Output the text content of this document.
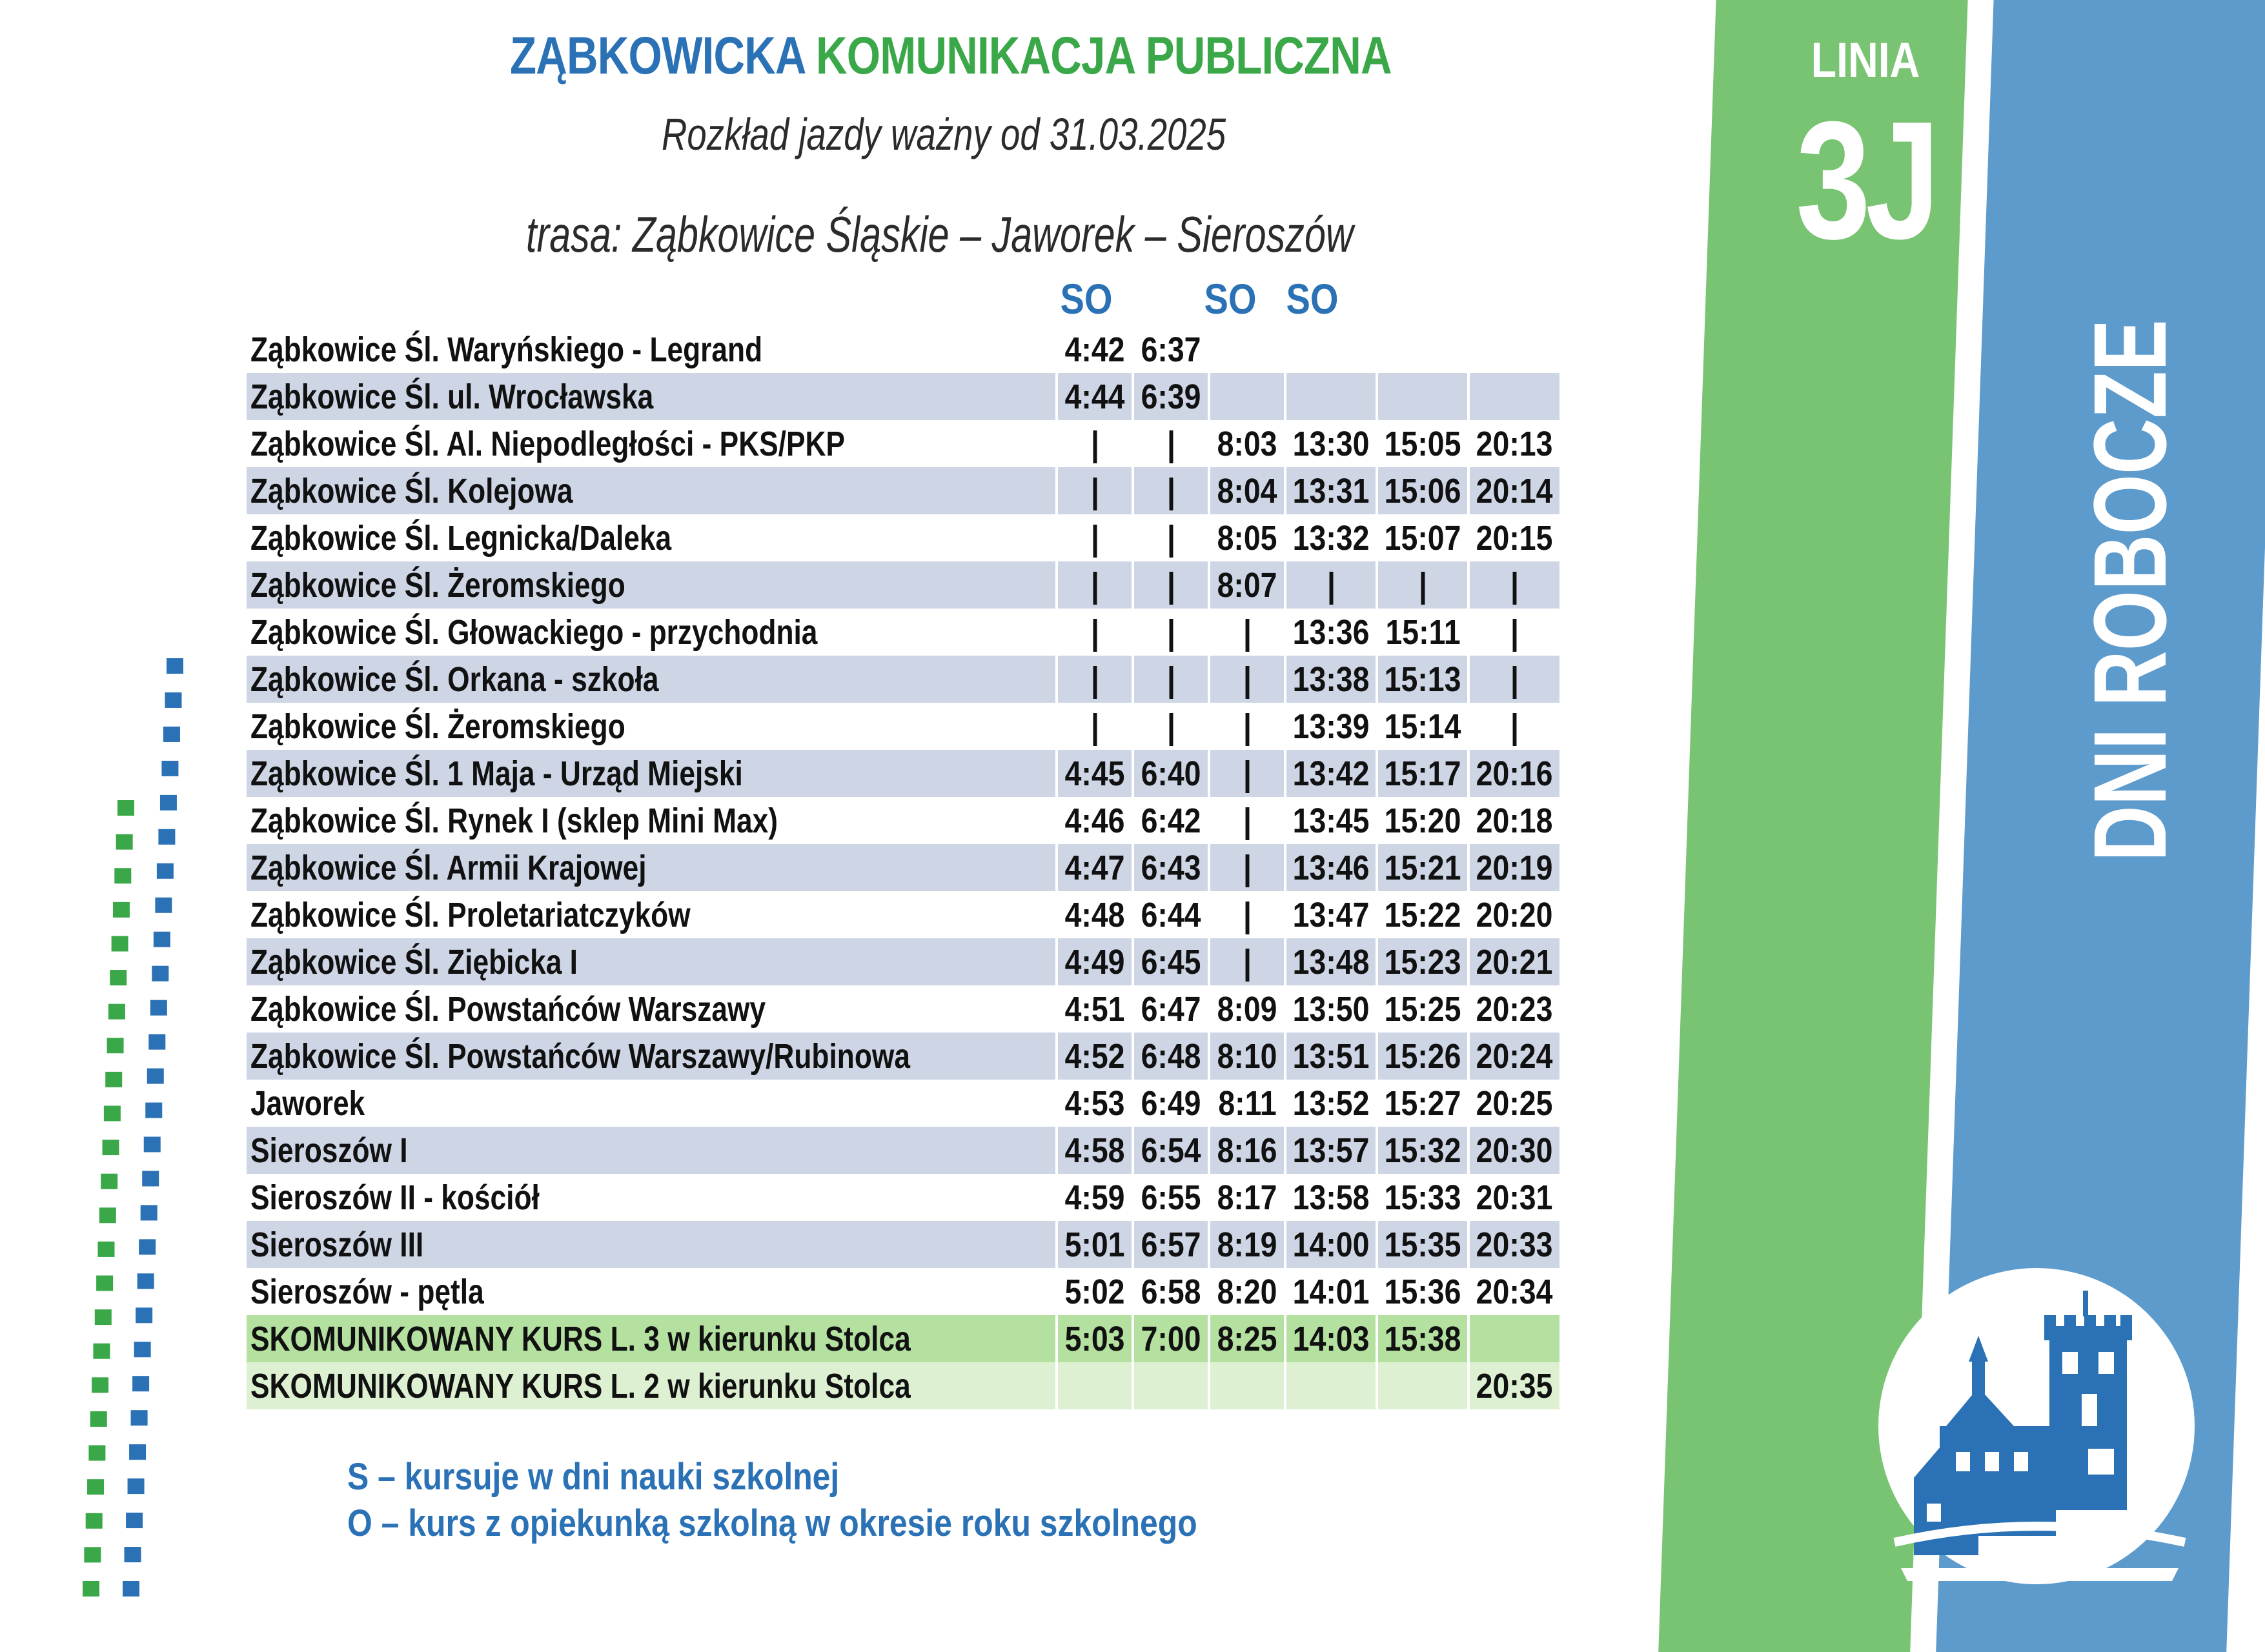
LINIA
3J
DNI ROBOCZE
ZĄBKOWICKA KOMUNIKACJA PUBLICZNA
Rozkład jazdy ważny od 31.03.2025
trasa: Ząbkowice Śląskie – Jaworek – Sieroszów
SO SO SO
Ząbkowice Śl. Waryńskiego - Legrand	4:42	6:37				
Ząbkowice Śl. ul. Wrocławska	4:44	6:39				
Ząbkowice Śl. Al. Niepodległości - PKS/PKP	|	|	8:03	13:30	15:05	20:13
Ząbkowice Śl. Kolejowa	|	|	8:04	13:31	15:06	20:14
Ząbkowice Śl. Legnicka/Daleka	|	|	8:05	13:32	15:07	20:15
Ząbkowice Śl. Żeromskiego	|	|	8:07	|	|	|
Ząbkowice Śl. Głowackiego - przychodnia	|	|	|	13:36	15:11	|
Ząbkowice Śl. Orkana - szkoła	|	|	|	13:38	15:13	|
Ząbkowice Śl. Żeromskiego	|	|	|	13:39	15:14	|
Ząbkowice Śl. 1 Maja - Urząd Miejski	4:45	6:40	|	13:42	15:17	20:16
Ząbkowice Śl. Rynek I (sklep Mini Max)	4:46	6:42	|	13:45	15:20	20:18
Ząbkowice Śl. Armii Krajowej	4:47	6:43	|	13:46	15:21	20:19
Ząbkowice Śl. Proletariatczyków	4:48	6:44	|	13:47	15:22	20:20
Ząbkowice Śl. Ziębicka I	4:49	6:45	|	13:48	15:23	20:21
Ząbkowice Śl. Powstańców Warszawy	4:51	6:47	8:09	13:50	15:25	20:23
Ząbkowice Śl. Powstańców Warszawy/Rubinowa	4:52	6:48	8:10	13:51	15:26	20:24
Jaworek	4:53	6:49	8:11	13:52	15:27	20:25
Sieroszów I	4:58	6:54	8:16	13:57	15:32	20:30
Sieroszów II - kościół	4:59	6:55	8:17	13:58	15:33	20:31
Sieroszów III	5:01	6:57	8:19	14:00	15:35	20:33
Sieroszów - pętla	5:02	6:58	8:20	14:01	15:36	20:34
SKOMUNIKOWANY KURS L. 3 w kierunku Stolca	5:03	7:00	8:25	14:03	15:38	
SKOMUNIKOWANY KURS L. 2 w kierunku Stolca						20:35
S – kursuje w dni nauki szkolnej
O – kurs z opiekunką szkolną w okresie roku szkolnego
